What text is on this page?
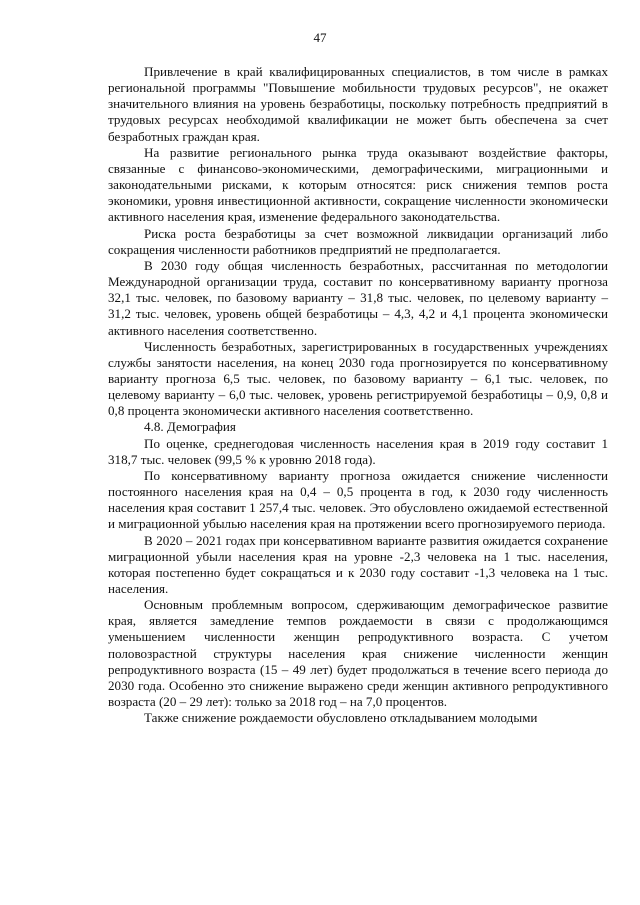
47

Привлечение в край квалифицированных специалистов, в том числе в рамках региональной программы "Повышение мобильности трудовых ресурсов", не окажет значительного влияния на уровень безработицы, поскольку потребность предприятий в трудовых ресурсах необходимой квалификации не может быть обеспечена за счет безработных граждан края.

На развитие регионального рынка труда оказывают воздействие факторы, связанные с финансово-экономическими, демографическими, миграционными и законодательными рисками, к которым относятся: риск снижения темпов роста экономики, уровня инвестиционной активности, сокращение численности экономически активного населения края, изменение федерального законодательства.

Риска роста безработицы за счет возможной ликвидации организаций либо сокращения численности работников предприятий не предполагается.

В 2030 году общая численность безработных, рассчитанная по методологии Международной организации труда, составит по консервативному варианту прогноза 32,1 тыс. человек, по базовому варианту – 31,8 тыс. человек, по целевому варианту – 31,2 тыс. человек, уровень общей безработицы – 4,3, 4,2 и 4,1 процента экономически активного населения соответственно.

Численность безработных, зарегистрированных в государственных учреждениях службы занятости населения, на конец 2030 года прогнозируется по консервативному варианту прогноза 6,5 тыс. человек, по базовому варианту – 6,1 тыс. человек, по целевому варианту – 6,0 тыс. человек, уровень регистрируемой безработицы – 0,9, 0,8 и 0,8 процента экономически активного населения соответственно.

4.8. Демография

По оценке, среднегодовая численность населения края в 2019 году составит 1 318,7 тыс. человек (99,5 % к уровню 2018 года).

По консервативному варианту прогноза ожидается снижение численности постоянного населения края на 0,4 – 0,5 процента в год, к 2030 году численность населения края составит 1 257,4 тыс. человек. Это обусловлено ожидаемой естественной и миграционной убылью населения края на протяжении всего прогнозируемого периода.

В 2020 – 2021 годах при консервативном варианте развития ожидается сохранение миграционной убыли населения края на уровне -2,3 человека на 1 тыс. населения, которая постепенно будет сокращаться и к 2030 году составит -1,3 человека на 1 тыс. населения.

Основным проблемным вопросом, сдерживающим демографическое развитие края, является замедление темпов рождаемости в связи с продолжающимся уменьшением численности женщин репродуктивного возраста. С учетом половозрастной структуры населения края снижение численности женщин репродуктивного возраста (15 – 49 лет) будет продолжаться в течение всего периода до 2030 года. Особенно это снижение выражено среди женщин активного репродуктивного возраста (20 – 29 лет): только за 2018 год – на 7,0 процентов.

Также снижение рождаемости обусловлено откладыванием молодыми
